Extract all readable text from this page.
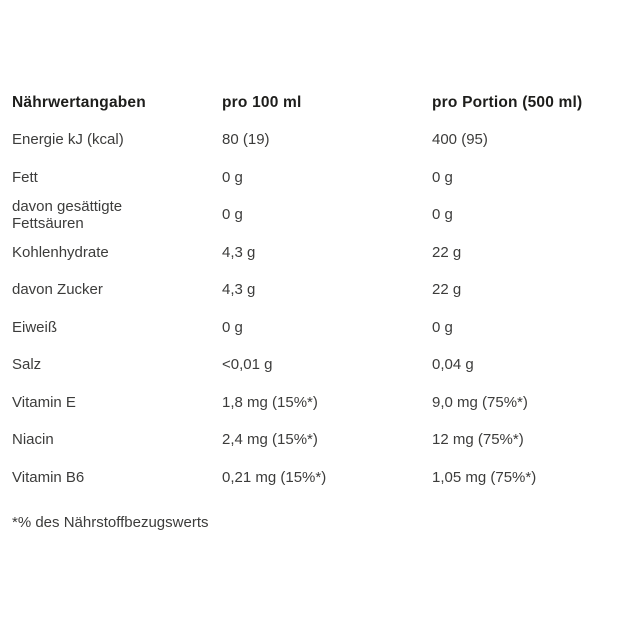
Nährwertangaben	pro 100 ml	pro Portion (500 ml)
Energie kJ (kcal)	80 (19)	400 (95)
Fett	0 g	0 g
davon gesättigte Fettsäuren	0 g	0 g
Kohlenhydrate	4,3 g	22 g
davon Zucker	4,3 g	22 g
Eiweiß	0 g	0 g
Salz	<0,01 g	0,04 g
Vitamin E	1,8 mg (15%*)	9,0 mg (75%*)
Niacin	2,4 mg (15%*)	12 mg (75%*)
Vitamin B6	0,21 mg (15%*)	1,05 mg (75%*)
*% des Nährstoffbezugswerts
